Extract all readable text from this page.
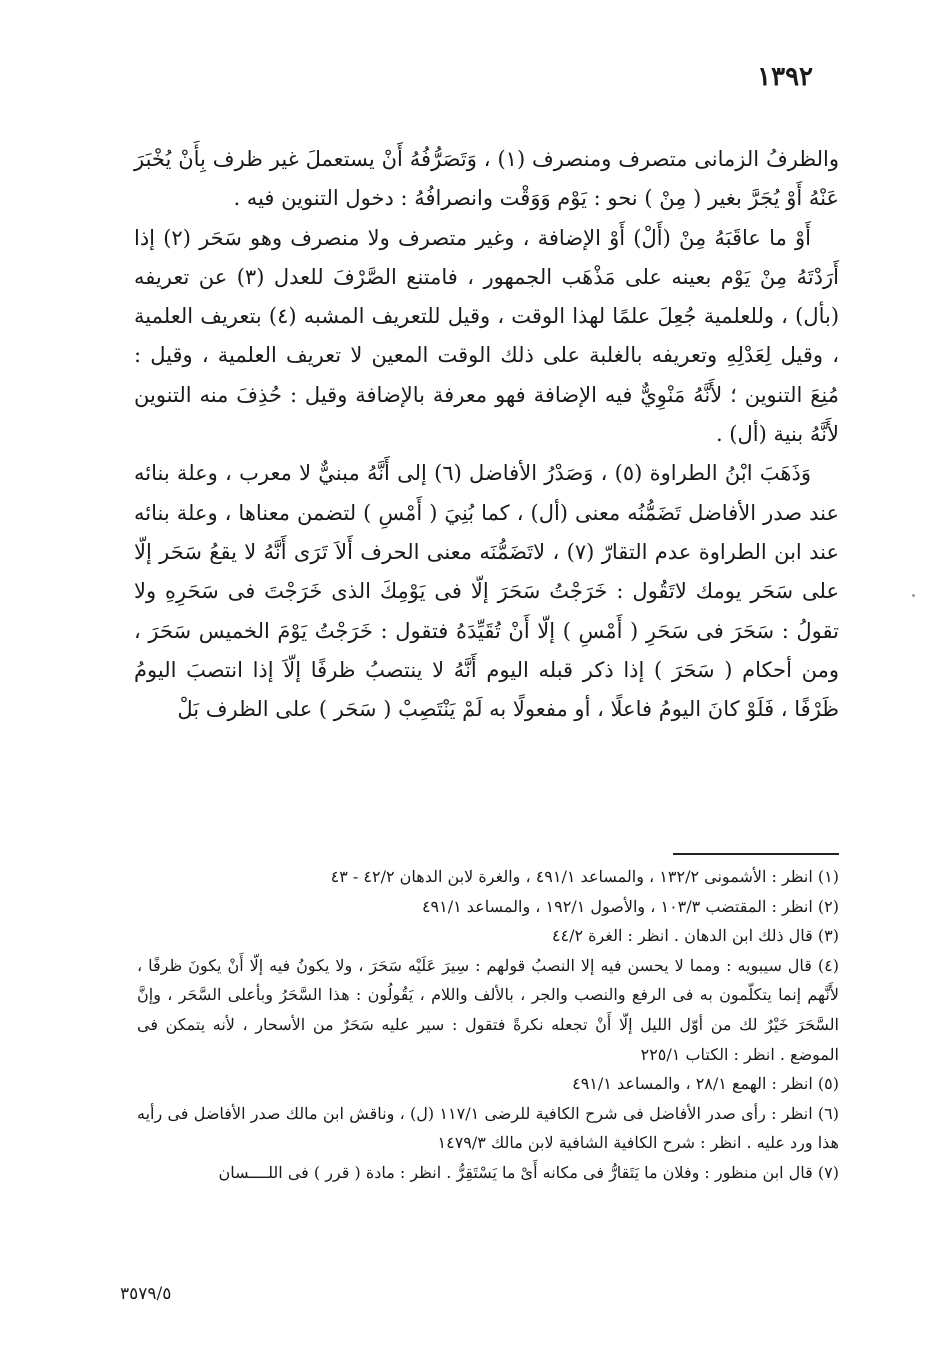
١٣٩٢

والظرفُ الزمانى متصرف ومنصرف (١) ، وَتَصَرُّفُهُ أَنْ يستعملَ غير ظرف بِأَنْ يُخْبَرَ عَنْهُ أَوْ يُجَرَّ بغير ( مِنْ ) نحو : يَوْم وَوَقْت وانصرافُهُ : دخول التنوين فيه .

أَوْ ما عاقَبَهُ مِنْ (أَلْ) أَوْ الإضافة ، وغير متصرف ولا منصرف وهو سَحَر (٢) إذا أَرَدْتَهُ مِنْ يَوْم بعينه على مَذْهَب الجمهور ، فامتنع الصَّرْفَ للعدل (٣) عن تعريفه (بأل) ، وللعلمية جُعِلَ علمًا لهذا الوقت ، وقيل للتعريف المشبه (٤) بتعريف العلمية ، وقيل لِعَدْلِهِ وتعريفه بالغلبة على ذلك الوقت المعين لا تعريف العلمية ، وقيل : مُنِعَ التنوين ؛ لأَنَّهُ مَنْوِيٌّ فيه الإضافة فهو معرفة بالإضافة وقيل : حُذِفَ منه التنوين لأَنَّهُ بنية (أل) .

وَذَهَبَ ابْنُ الطراوة (٥) ، وَصَدْرُ الأفاضل (٦) إلى أَنَّهُ مبنيٌّ لا معرب ، وعلة بنائه عند صدر الأفاضل تَضَمُّنُه معنى (أل) ، كما بُنِيَ ( أَمْسِ ) لتضمن معناها ، وعلة بنائه عند ابن الطراوة عدم التقارّ (٧) ، لاتَضَمُّنَه معنى الحرف أَلاَ تَرَى أَنَّهُ لا يقعُ سَحَر إلّا على سَحَر يومك لاتَقُول : خَرَجْتُ سَحَرَ إلّا فى يَوْمِكَ الذى خَرَجْتَ فى سَحَرِهِ ولا تقولُ : سَحَرَ فى سَحَرِ ( أَمْسِ ) إلّا أَنْ تُقَيِّدَهُ فتقول : خَرَجْتُ يَوْمَ الخميس سَحَرَ ، ومن أحكام ( سَحَرَ ) إذا ذكر قبله اليوم أَنَّهُ لا ينتصبُ ظرفًا إلّاَ إذا انتصبَ اليومُ ظَرْفًا ، فَلَوْ كانَ اليومُ فاعلًا ، أو مفعولًا به لَمْ يَنْتَصِبْ ( سَحَر ) على الظرف بَلْ

(١) انظر : الأشمونى ١٣٢/٢ ، والمساعد ٤٩١/١ ، والغرة لابن الدهان ٤٢/٢ - ٤٣

(٢) انظر : المقتضب ١٠٣/٣ ، والأصول ١٩٢/١ ، والمساعد ٤٩١/١

(٣) قال ذلك ابن الدهان . انظر : الغرة ٤٤/٢

(٤) قال سيبويه : ومما لا يحسن فيه إلا النصبُ قولهم : سِيرَ عَلَيْه سَحَرَ ، ولا يكونُ فيه إلّا أَنْ يكونَ ظرفًا ، لأَنَّهم إنما يتكلّمون به فى الرفع والنصب والجر ، بالألف واللام ، يَقُولُون : هذا السَّحَرُ وبأعلى السَّحَر ، وإنَّ السَّحَرَ خَيْرٌ لك من أوّل الليل إلّا أَنْ تجعله نكرةً فتقول : سير عليه سَحَرٌ من الأسحار ، لأنه يتمكن فى الموضع . انظر : الكتاب ٢٢٥/١

(٥) انظر : الهمع ٢٨/١ ، والمساعد ٤٩١/١

(٦) انظر : رأى صدر الأفاضل فى شرح الكافية للرضى ١١٧/١ (ل) ، وناقش ابن مالك صدر الأفاضل فى رأيه هذا ورد عليه . انظر : شرح الكافية الشافية لابن مالك ١٤٧٩/٣

(٧) قال ابن منظور : وفلان ما يَتَقارُّ فى مكانه أَىْ ما يَسْتَقِرُّ . انظر : مادة ( قرر ) فى اللــــسان

٣٥٧٩/٥
